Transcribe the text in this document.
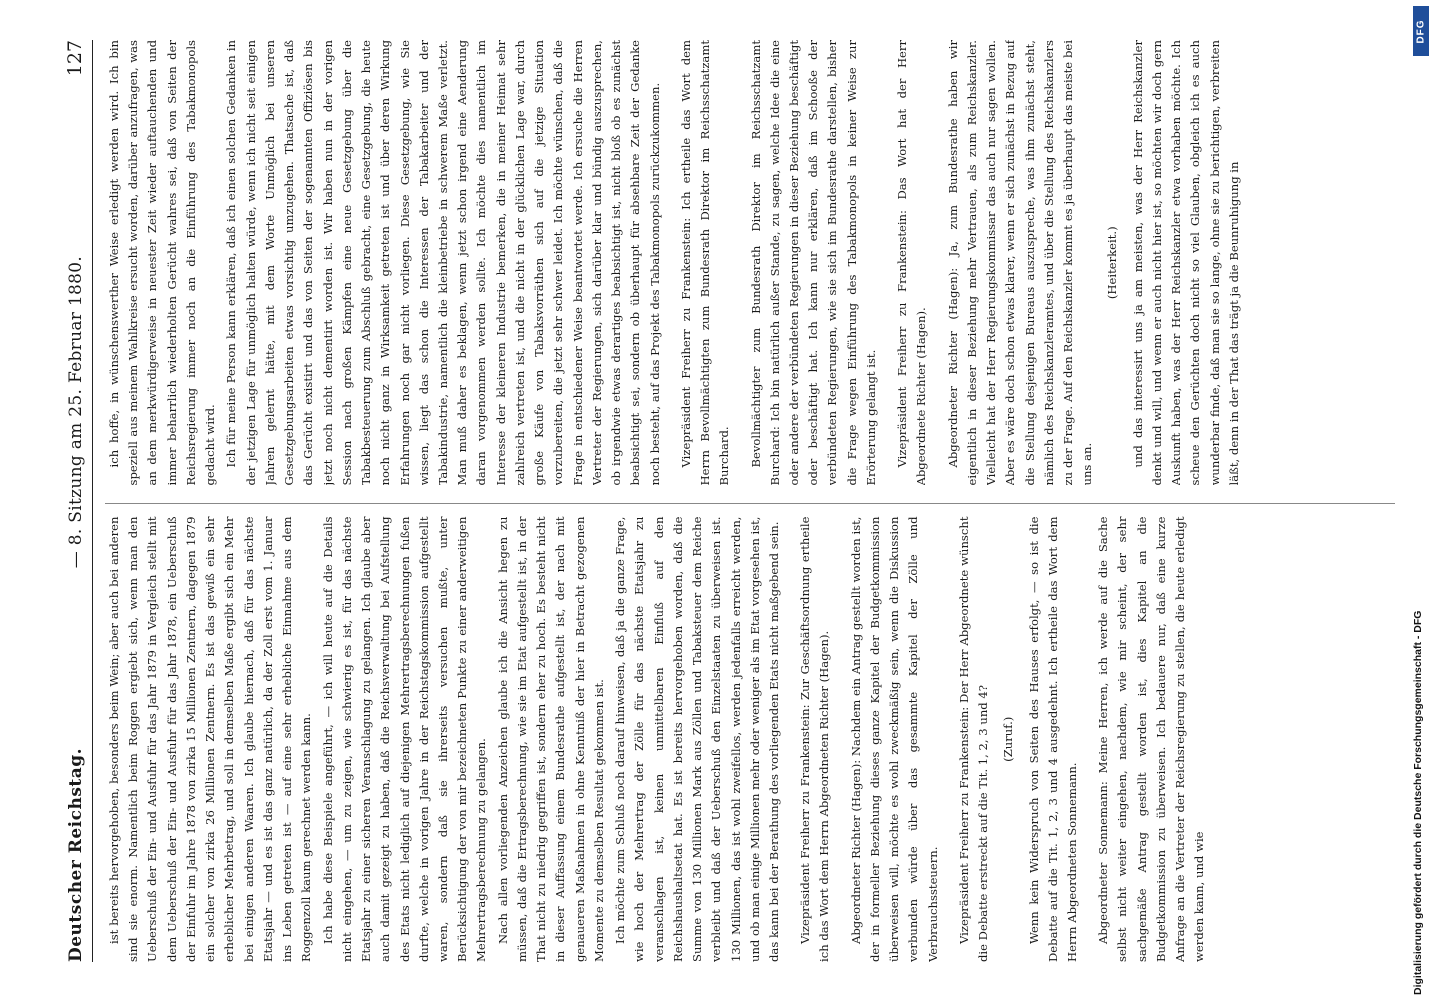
Deutscher Reichstag.
— 8. Sitzung am 25. Februar 1880.
127

ist bereits hervorgehoben, besonders beim Wein; aber auch bei anderen sind sie enorm. Namentlich beim Roggen ergiebt sich, wenn man den Ueberschuß der Ein- und Ausfuhr für das Jahr 1879 in Vergleich stellt mit dem Ueberschuß der Ein- und Ausfuhr für das Jahr 1878, ein Ueberschuß der Einfuhr im Jahre 1878 von zirka 15 Millionen Zentnern, dagegen 1879 ein solcher von zirka 26 Millionen Zentnern. Es ist das gewiß ein sehr erheblicher Mehrbetrag, und soll in demselben Maße ergibt sich ein Mehr bei einigen anderen Waaren. Ich glaube hiernach, daß für das nächste Etatsjahr — und es ist das ganz natürlich, da der Zoll erst vom 1. Januar ins Leben getreten ist — auf eine sehr erhebliche Einnahme aus dem Roggenzoll kaum gerechnet werden kann. Ich habe diese Beispiele angeführt, — ich will heute auf die Details nicht eingehen, — um zu zeigen, wie schwierig es ist, für das nächste Etatsjahr zu einer sicheren Veranschlagung zu gelangen. Ich glaube aber auch damit gezeigt zu haben, daß die Reichsverwaltung bei Aufstellung des Etats nicht lediglich auf diejenigen Mehrertragsberechnungen fußen durfte, welche in vorigen Jahre in der Reichstagskommission aufgestellt waren, sondern daß sie ihrerseits versuchen mußte, unter Berücksichtigung der von mir bezeichneten Punkte zu einer anderweitigen Mehrertragsberechnung zu gelangen. Nach allen vorliegenden Anzeichen glaube ich die Ansicht hegen zu müssen, daß die Ertragsberechnung, wie sie im Etat aufgestellt ist, in der That nicht zu niedrig gegriffen ist, sondern eher zu hoch. Es besteht nicht in dieser Auffassung einem Bundesrathe aufgestellt ist, der nach mit genaueren Maßnahmen in ohne Kenntniß der hier in Betracht gezogenen Momente zu demselben Resultat gekommen ist. Ich möchte zum Schluß noch darauf hinweisen, daß ja die ganze Frage, wie hoch der Mehrertrag der Zölle für das nächste Etatsjahr zu veranschlagen ist, keinen unmittelbaren Einfluß auf den Reichshaushaltsetat hat. Es ist bereits hervorgehoben worden, daß die Summe von 130 Millionen Mark aus Zöllen und Tabaksteuer dem Reiche verbleibt und daß der Ueberschuß den Einzelstaaten zu überweisen ist. 130 Millionen, das ist wohl zweifellos, werden jedenfalls erreicht werden, und ob man einige Millionen mehr oder weniger als im Etat vorgesehen ist, das kann bei der Berathung des vorliegenden Etats nicht maßgebend sein. Vizepräsident Freiherr zu Frankenstein: Zur Geschäftsordnung ertheile ich das Wort dem Herrn Abgeordneten Richter (Hagen). Abgeordneter Richter (Hagen): Nachdem ein Antrag gestellt worden ist, der in formeller Beziehung dieses ganze Kapitel der Budgetkommission überweisen will, möchte es wohl zweckmäßig sein, wenn die Diskussion verbunden würde über das gesammte Kapitel der Zölle und Verbrauchssteuern. Vizepräsident Freiherr zu Frankenstein: Der Herr Abgeordnete wünscht die Debatte erstreckt auf die Tit. 1, 2, 3 und 4? (Zuruf.) Wenn kein Widerspruch von Seiten des Hauses erfolgt, — so ist die Debatte auf die Tit. 1, 2, 3 und 4 ausgedehnt. Ich ertheile das Wort dem Herrn Abgeordneten Sonnemann. Abgeordneter Sonnemann: Meine Herren, ich werde auf die Sache selbst nicht weiter eingehen, nachdem, wie mir scheint, der sehr sachgemäße Antrag gestellt worden ist, dies Kapitel an die Budgetkommission zu überweisen. Ich bedauere nur, daß eine kurze Anfrage an die Vertreter der Reichsregierung zu stellen, die heute erledigt werden kann, und wie

ich hoffe, in wünschenswerther Weise erledigt werden wird. Ich bin speziell aus meinem Wahlkreise ersucht worden, darüber anzufragen, was an dem merkwürdigerweise in neuester Zeit wieder auftauchenden und immer beharrlich wiederholten Gerücht wahres sei, daß von Seiten der Reichsregierung immer noch an die Einführung des Tabakmonopols gedacht wird. Ich für meine Person kann erklären, daß ich einen solchen Gedanken in der jetzigen Lage für unmöglich halten würde, wenn ich nicht seit einigen Jahren gelernt hätte, mit dem Worte Unmöglich bei unseren Gesetzgebungsarbeiten etwas vorsichtig umzugehen. Thatsache ist, daß das Gerücht existirt und das von Seiten der sogenannten Offiziösen bis jetzt noch nicht dementirt worden ist. Wir haben nun in der vorigen Session nach großen Kämpfen eine neue Gesetzgebung über die Tabakbesteuerung zum Abschluß gebracht, eine Gesetzgebung, die heute noch nicht ganz in Wirksamkeit getreten ist und über deren Wirkung Erfahrungen noch gar nicht vorliegen. Diese Gesetzgebung, wie Sie wissen, liegt das schon die Interessen der Tabakarbeiter und der Tabakindustrie, namentlich die kleinbetriebe in schwerem Maße verletzt. Man muß daher es beklagen, wenn jetzt schon irgend eine Aenderung daran vorgenommen werden sollte. Ich möchte dies namentlich im Interesse der kleineren Industrie bemerken, die in meiner Heimat sehr zahlreich vertreten ist, und die nicht in der glücklichen Lage war, durch große Käufe von Tabaksvorräthen sich auf die jetzige Situation vorzubereiten, die jetzt sehr schwer leidet. Ich möchte wünschen, daß die Frage in entschiedener Weise beantwortet werde. Ich ersuche die Herren Vertreter der Regierungen, sich darüber klar und bündig auszusprechen, ob irgendwie etwas derartiges beabsichtigt ist, nicht bloß ob es zunächst beabsichtigt sei, sondern ob überhaupt für absehbare Zeit der Gedanke noch besteht, auf das Projekt des Tabakmonopols zurückzukommen. Vizepräsident Freiherr zu Frankenstein: Ich ertheile das Wort dem Herrn Bevollmächtigten zum Bundesrath Direktor im Reichsschatzamt Burchard. Bevollmächtigter zum Bundesrath Direktor im Reichsschatzamt Burchard: Ich bin natürlich außer Stande, zu sagen, welche Idee die eine oder andere der verbündeten Regierungen in dieser Beziehung beschäftigt oder beschäftigt hat. Ich kann nur erklären, daß im Schooße der verbündeten Regierungen, wie sie sich im Bundesrathe darstellen, bisher die Frage wegen Einführung des Tabakmonopols in keiner Weise zur Erörterung gelangt ist. Vizepräsident Freiherr zu Frankenstein: Das Wort hat der Herr Abgeordnete Richter (Hagen). Abgeordneter Richter (Hagen): Ja, zum Bundesrathe haben wir eigentlich in dieser Beziehung mehr Vertrauen, als zum Reichskanzler. Vielleicht hat der Herr Regierungskommissar das auch nur sagen wollen. Aber es wäre doch schon etwas klarer, wenn er sich zunächst in Bezug auf die Stellung desjenigen Bureaus auszuspreche, was ihm zunächst steht, nämlich des Reichskanzleramtes, und über die Stellung des Reichskanzlers zu der Frage. Auf den Reichskanzler kommt es ja überhaupt das meiste bei uns an.

(Heiterkeit.) und das interessirt uns ja am meisten, was der Herr Reichskanzler denkt und will, und wenn er auch nicht hier ist, so möchten wir doch gern Auskunft haben, was der Herr Reichskanzler etwa vorhaben möchte. Ich scheue den Gerüchten doch nicht so viel Glauben, obgleich ich es auch wunderbar finde, daß man sie so lange, ohne sie zu berichtigen, verbreiten läßt, denn in der That das trägt ja die Beunruhigung in

DFG
Digitalisierung gefördert durch die Deutsche Forschungsgemeinschaft - DFG
